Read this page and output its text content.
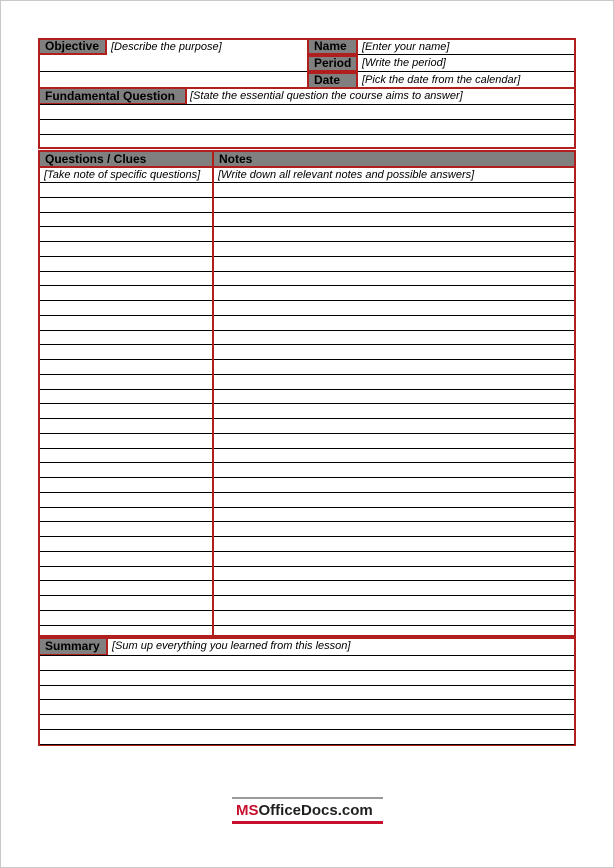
Objective	[Describe the purpose]	Name	[Enter your name]
Period [Write the period]
Date	[Pick the date from the calendar]
Fundamental Question	[State the essential question the course aims to answer]
Questions / Clues	Notes
[Take note of specific questions] [Write down all relevant notes and possible answers]
Summary	[Sum up everything you learned from this lesson]
MSOfficeDocs.com
